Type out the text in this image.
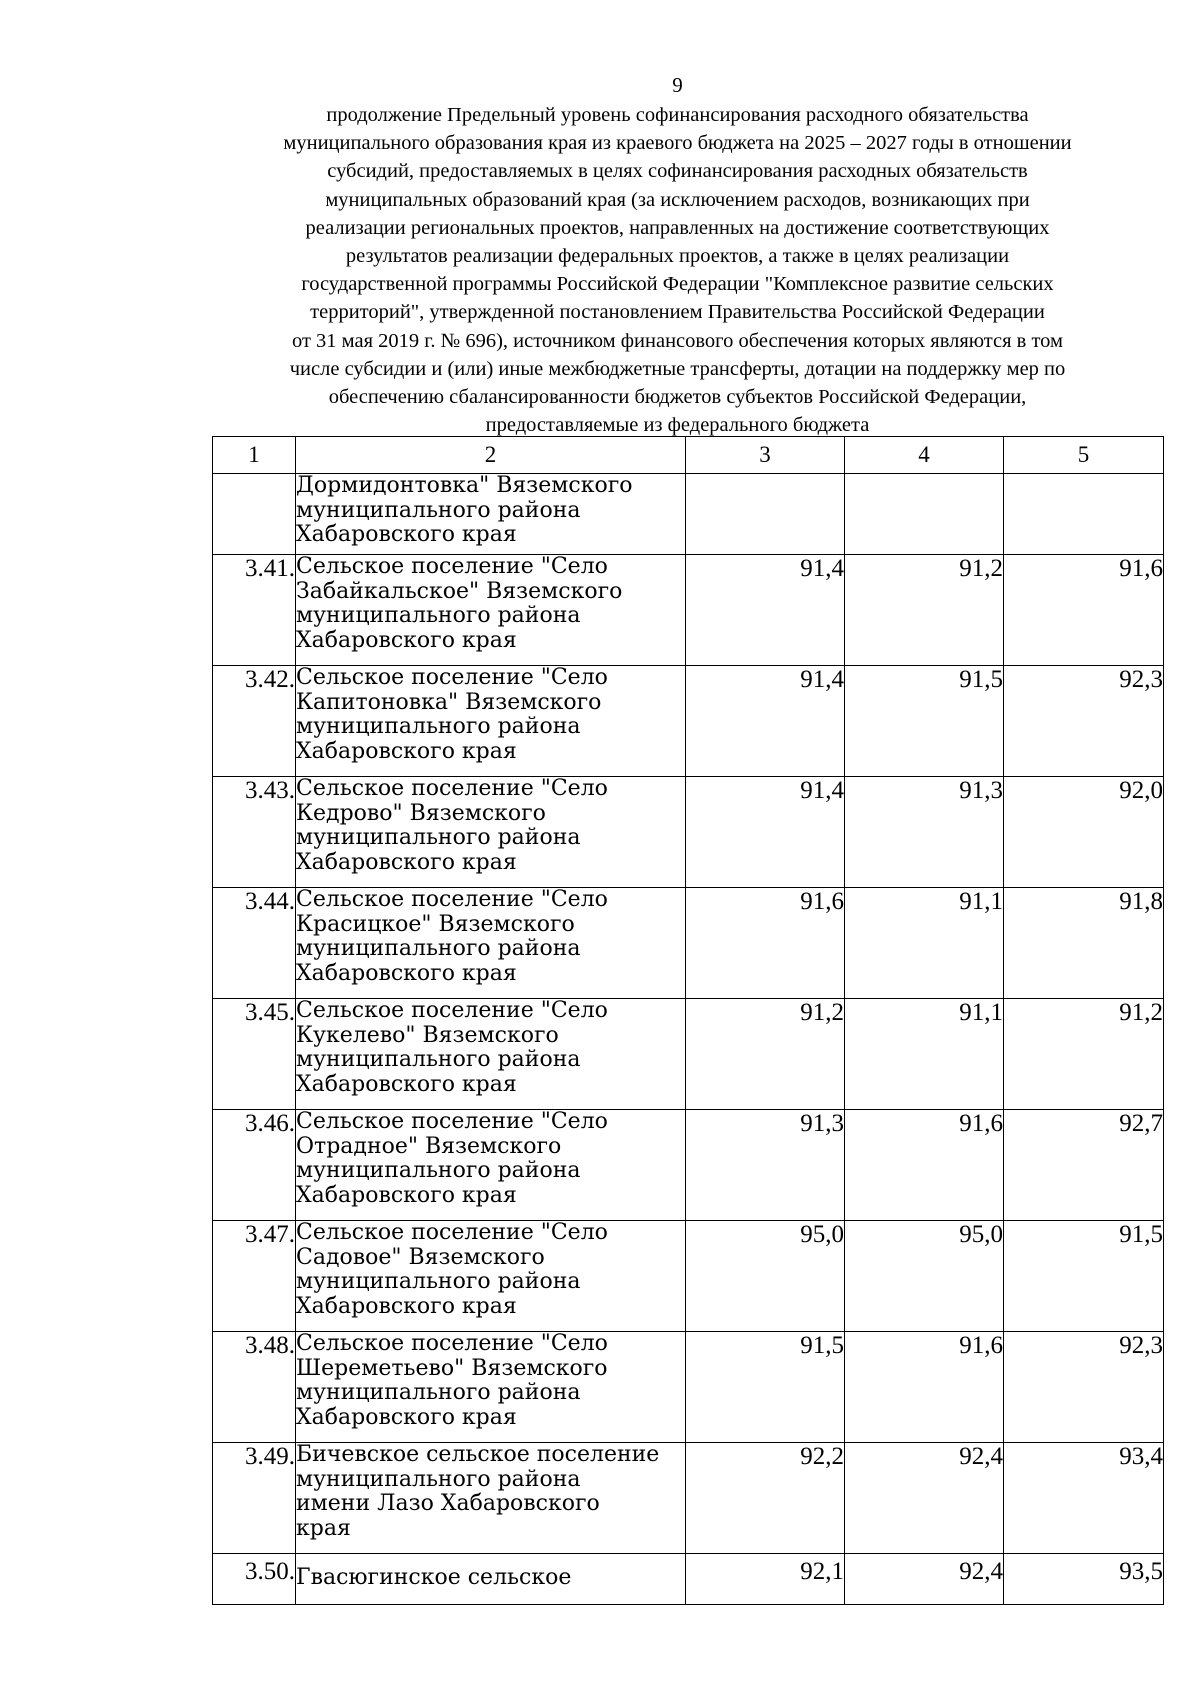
9
продолжение Предельный уровень софинансирования расходного обязательства
муниципального образования края из краевого бюджета на 2025 – 2027 годы в отношении
субсидий, предоставляемых в целях софинансирования расходных обязательств
муниципальных образований края (за исключением расходов, возникающих при
реализации региональных проектов, направленных на достижение соответствующих
результатов реализации федеральных проектов, а также в целях реализации
государственной программы Российской Федерации "Комплексное развитие сельских
территорий", утвержденной постановлением Правительства Российской Федерации
от 31 мая 2019 г. № 696), источником финансового обеспечения которых являются в том
числе субсидии и (или) иные межбюджетные трансферты, дотации на поддержку мер по
обеспечению сбалансированности бюджетов субъектов Российской Федерации,
предоставляемые из федерального бюджета
1	2	3	4	5

	Дормидонтовка" Вяземского
муниципального района
Хабаровского края			

3.41.	Сельское поселение "Село
Забайкальское" Вяземского
муниципального района
Хабаровского края	91,4	91,2	91,6
3.42.	Сельское поселение "Село
Капитоновка" Вяземского
муниципального района
Хабаровского края	91,4	91,5	92,3
3.43.	Сельское поселение "Село
Кедрово" Вяземского
муниципального района
Хабаровского края	91,4	91,3	92,0
3.44.	Сельское поселение "Село
Красицкое" Вяземского
муниципального района
Хабаровского края	91,6	91,1	91,8
3.45.	Сельское поселение "Село
Кукелево" Вяземского
муниципального района
Хабаровского края	91,2	91,1	91,2
3.46.	Сельское поселение "Село
Отрадное" Вяземского
муниципального района
Хабаровского края	91,3	91,6	92,7
3.47.	Сельское поселение "Село
Садовое" Вяземского
муниципального района
Хабаровского края	95,0	95,0	91,5
3.48.	Сельское поселение "Село
Шереметьево" Вяземского
муниципального района
Хабаровского края	91,5	91,6	92,3
3.49.	Бичевское сельское поселение
муниципального района
имени Лазо Хабаровского
края	92,2	92,4	93,4
3.50.	Гвасюгинское сельское	92,1	92,4	93,5
